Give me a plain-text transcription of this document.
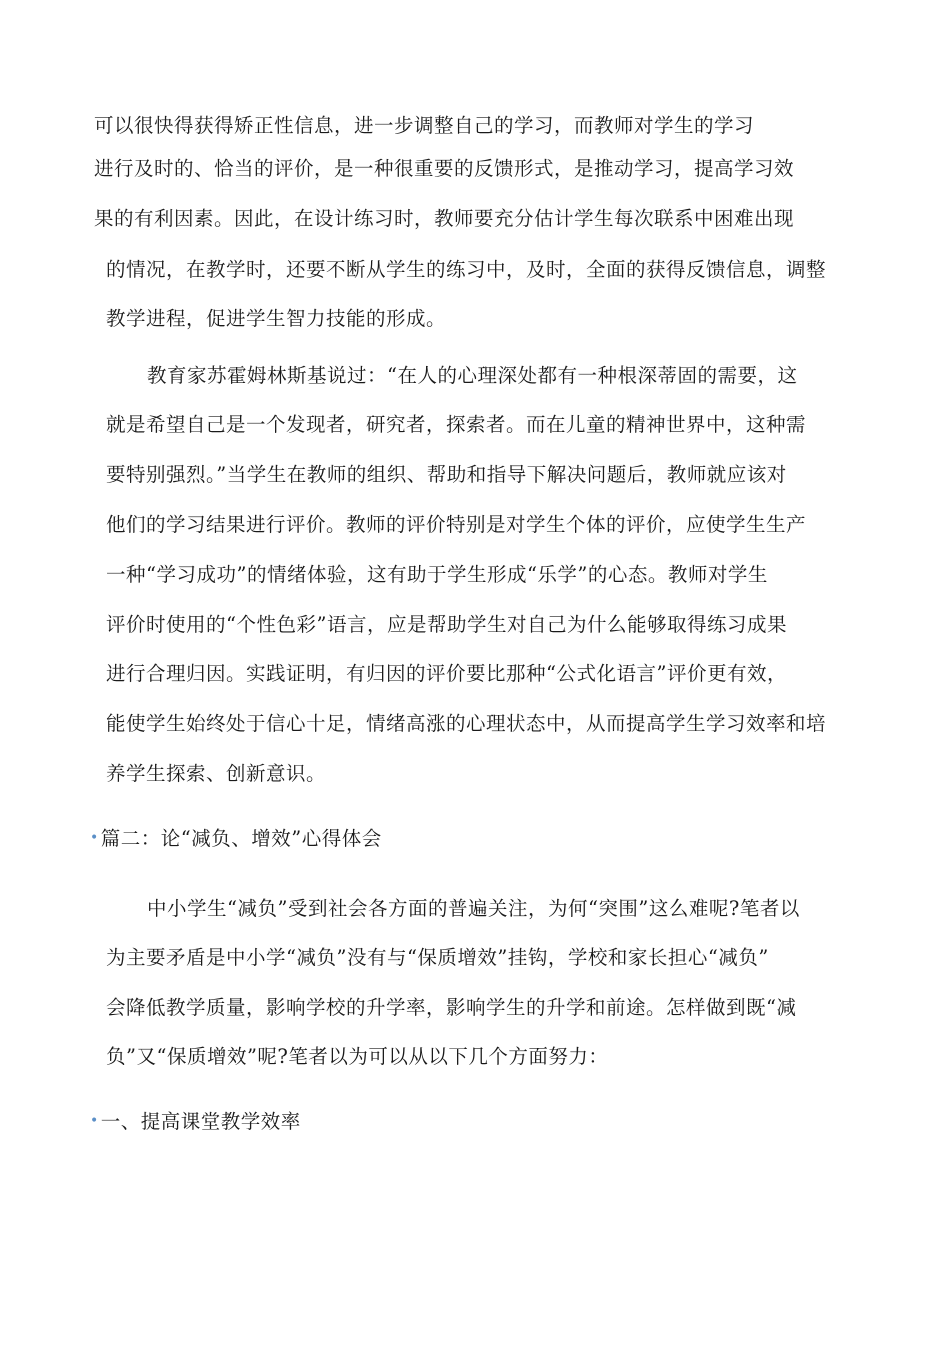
可以很快得获得矫正性信息，进一步调整自己的学习，而教师对学生的学习
进行及时的、恰当的评价，是一种很重要的反馈形式，是推动学习，提高学习效
果的有利因素。因此，在设计练习时，教师要充分估计学生每次联系中困难出现
的情况，在教学时，还要不断从学生的练习中，及时，全面的获得反馈信息，调整
教学进程，促进学生智力技能的形成。
教育家苏霍姆林斯基说过：“在人的心理深处都有一种根深蒂固的需要，这
就是希望自己是一个发现者，研究者，探索者。而在儿童的精神世界中，这种需
要特别强烈。”当学生在教师的组织、帮助和指导下解决问题后，教师就应该对
他们的学习结果进行评价。教师的评价特别是对学生个体的评价，应使学生生产
一种“学习成功”的情绪体验，这有助于学生形成“乐学”的心态。教师对学生
评价时使用的“个性色彩”语言，应是帮助学生对自己为什么能够取得练习成果
进行合理归因。实践证明，有归因的评价要比那种“公式化语言”评价更有效，
能使学生始终处于信心十足，情绪高涨的心理状态中，从而提高学生学习效率和培
养学生探索、创新意识。
• 篇二：论“减负、增效”心得体会
中小学生“减负”受到社会各方面的普遍关注，为何“突围”这么难呢?笔者以
为主要矛盾是中小学“减负”没有与“保质增效”挂钩，学校和家长担心“减负”
会降低教学质量，影响学校的升学率，影响学生的升学和前途。怎样做到既“减
负”又“保质增效”呢?笔者以为可以从以下几个方面努力：
• 一、提高课堂教学效率
